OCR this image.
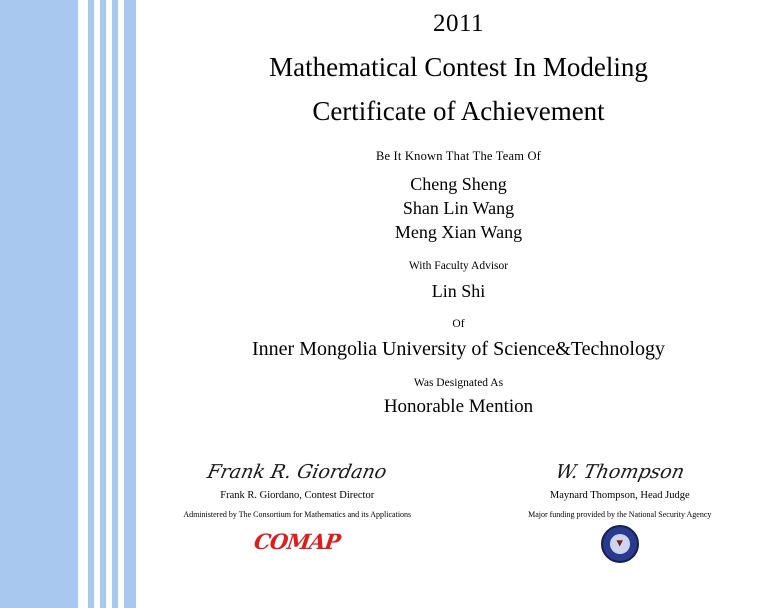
2011
Mathematical Contest In Modeling
Certificate of Achievement
Be It Known That The Team Of
Cheng Sheng
Shan Lin Wang
Meng Xian Wang
With Faculty Advisor
Lin Shi
Of
Inner Mongolia University of Science&Technology
Was Designated As
Honorable Mention
Frank R. Giordano
Frank R. Giordano, Contest Director
Administered by The Consortium for Mathematics and its Applications
COMAP
W. Thompson
Maynard Thompson, Head Judge
Major funding provided by the National Security Agency
▼
